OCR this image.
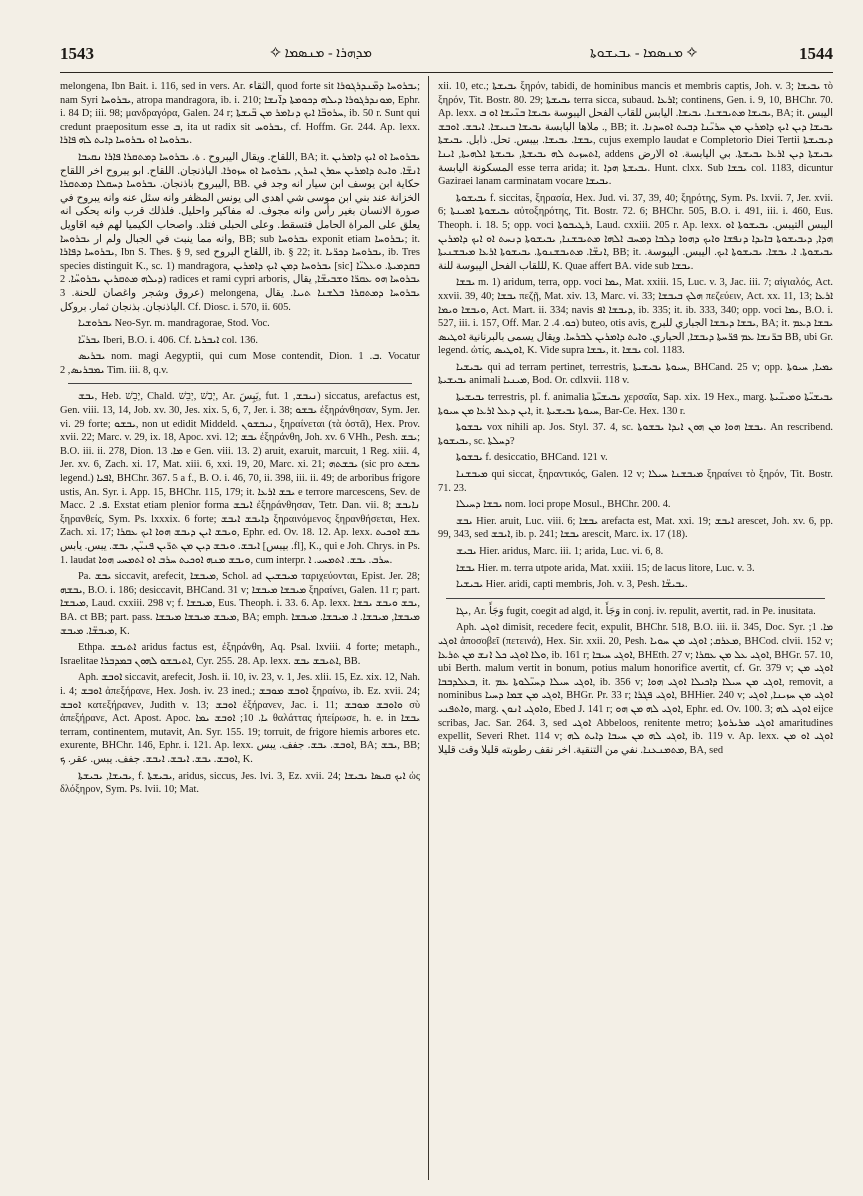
1543	ܡܕܗܪܐ - ܡܢܣܡܐ ✧	✧ ܡܢܣܡܐ - ܝܒܝܫܘܬܐ	1544

melongena, Ibn Bait. i. 116, sed in vers. Ar. الثقاء, quod forte sit ܝܒܪܘܚܐ ܕܡ̈ܢܕܪܓܘܪܐ; nam Syri ܝܒܪܘܚܐ, atropa mandragora, ib. i. 210; ܡܘܢܕܪܓܘܪܐ ܕܝܠܗ ܕܟܘܡܬܐ ܕܐ̈ܢܫܐ, Ephr. i. 84 D; iii. 98; μανδραγόρα, Galen. 24 r; ܚܪܘܒ̈ܐ ܐܝܟ ܕܢܐܡܪ ܡܢ ܒ̈ܝܫܬܐ, ib. 50 r. Sunt qui credunt praepositum esse ܒ, ita ut radix sit ܝܒܪܘܚ, cf. Hoffm. Gr. 244. Ap. lexx. ܝܒܪܘܚܐ ܐܘ ܝܒܪܘܚܐ ܕܐܝܬ ܠܗ ܦܐܪܐ.

اللقاح. ويقال اليبروح . ة. ܝܒܪܘܚܐ ܕܡܬܩܪܐ ܦܐܪܐ ܢܩܝܒܐ, BA; it. ܝܒܪܘܚܐ ܐܘ ܐܝܟ ܕܐܡܪܝܢ ܐܢܫ̈ܐ. ܘܐܝܬ ܕܐܡܪܝܢ ܚܘܪܢ ܐܚܪܢ, ܝܒܪܘܚܐ ܐܘ ܚܙܘܪܐ. الباذنجان. اللقاح. ابو يبروح اخر اللقاح اليبروح باذنجان. ܝܒܪܘܚܐ ܕܚܩܠܐ ܕܡܬܩܪܐ, BB. حكاية ابن يوسف ابن سيار انه وجد في الخزانة عند بني ابن موسى شي اهدى الى يونس المظفر وانه سئل عنه وانه يبروح في صورة الانسان بغير رأس وانه مجوف. له مفاكير واحليل. فلذلك قرب وانه يحكى انه يعلق على المراة الحامل فتسقط. وعلى الحبلى فتلد. واصحاب الكيميا لهم فيه اقاويل وانه مما ينبت في الجبال ولم ار ܝܒܪܘܚܐ, BB; sub ܝܒܪܘܚܐ exponit etiam ܝܒܪܘܚܐ; it. ܝܒܪܘܚܐ ܕܦܐܪܐ, Ibn S. Thes. § 9, sed اللقاح البروح, ib. § 22; it. ܝܒܪܘܚܐ ܕܟܪ̈ܝܐ, ib. Tres species distinguit K., sc. 1) mandragora, ܝܒܪܘܚܐ ܕܡܢ ܐܝܟ ܕܐܡܪܝܢ [sic] ܒܩܕܡܝܬܐ. ܘܥܠܝ̈ܐ ܕܝܠܗ ܡܬܩܪܝܢ ܝܒܪܘܚ̈ܐ. 2) radices et rami cypri arboris, ܝܒܪܘܚܐ ܗܘ ܥܩܪ̈ܐ ܘܫܒܝܫ̈ܐ, يقال عروق وشجر واغصان للحنة. 3) melongena, ܝܒܪܘܚܐ ܕܡܬܩܪܐ ܒܠܫܢܐ ܬܝܝܐ. يقال الباذنجان. بذنجان ثمار. بروكل. Cf. Diosc. i. 570, ii. 605.

ܝܒܪܘܫܝܐ Neo-Syr. m. mandragorae, Stod. Voc.

ܝܒܪܝ̈ܐ Iberi, B.O. i. 406. Cf. ܐܝܒܪܝܐ col. 136.

ܝܒܪܝܣ nom. magi Aegyptii, qui cum Mose contendit, Dion. ܒ. 1. Vocatur ܝܡܒܪܝܣ, 2 Tim. iii. 8, q.v.

ܝܒܫ, Heb. יָבֵשׁ, Chald. יְבַשׁ ,יְבֵשׁ, Ar. يَبِسَ, fut. ܢܝܒܫ, 1) siccatus, arefactus est, Gen. viii. 13, 14, Job. xv. 30, Jes. xix. 5, 6, 7, Jer. i. 38; ܝܒܫܘ ἐξηράνθησαν, Sym. Jer. vi. 29 forte; ܝܒܫܘ, non ut edidit Middeld. ܢܝܒܫܘܢ, ξηραίνεται (τὰ ὀστᾶ), Hex. Prov. xvii. 22; Marc. v. 29, ix. 18, Apoc. xvi. 12; ܝܒܫ ἐξηράνθη, Joh. xv. 6 VHh., Pesh. ܝܒܫ; B.O. iii. ii. 278, Dion. ܡܐ. 13 e Gen. viii. 13. 2) aruit, exaruit, marcuit, 1 Reg. xiii. 4, Jer. xv. 6, Zach. xi. 17, Mat. xiii. 6, xxi. 19, 20, Marc. xi. 21; ܝܒܫܬܗ (sic pro ܝܒܫܬ legend.) ܐܦܝܐ, BHChr. 367. 5 a f., B. O. i. 46, 70, ii. 398, iii. ii. 49; de arboribus frigore ustis, An. Syr. i. App. 15, BHChr. 115, 179; it. ܝܒܫ ܐܪܥܐ e terrore marcescens, Sev. de Macc. ܦ. 2. Exstat etiam plenior forma ܐܝܒܫ ἐξηράνθησαν, Tetr. Dan. vii. 8; ܢܐܝܒܫ ξηρανθείς, Sym. Ps. lxxxix. 6 forte; ܕܐܝܒܫ ܐܝܒܫ ξηραινόμενος ξηρανθήσεται, Hex. Zach. xi. 17; ܘܝܒܫ ܐܝܢ ܕܝܒܫ ܗܘܐ ܐܝܟ ܥܩܪܐ, Ephr. ed. Ov. 18. 12. Ap. lexx. ܝܒܫ ܐܘܟܝܬ ܐܝܒܫ. ܘܝܒܫ ܕܝܢ ܡܢ ܬܪ̈ܝܢ ܦܢܝ̈ܢ, ܝܒܫ. يبس. يابس [بيبس .fl], K., qui e Joh. Chrys. in Ps. 1. laudat ܘܝܒܫ ܡܢܗ ܐܘܟܝܬ ܚܪܒ ܐܘ ܐܬܡܚܝ ܗܘܐ, cum interpr. ܚܪܒ. ܝܒܫ. ܐܬܡܚܝ. ܐ.

Pa. ܝܒܫ siccavit, arefecit, ܡܝܒܫܐ, Schol. ad ܡܝܒܫܝܢ ταριχεύονται, Epist. Jer. 28; ܝܒܫܗ, B.O. i. 186; desiccavit, BHCand. 31 v; ܡܝܒܫܐ ܡܝܒܫܐ ξηραίνει, Galen. 11 r; part. ܡܝܒܫܐ, Laud. cxxiii. 298 v; f. ܡܝܒܫܐ, Eus. Theoph. i. 33. 6. Ap. lexx. ܝܒܫ ܘܝܒܫ ܝܒܫܐ, BA. ct BB; part. pass. ܡܝܒܫ ܡܝܒܫܐ ܡܝܒܫܐ, BA; emph. ܡܝܒܫܐ, ܡܝܒܫܐ. ܐ. ܡܝܒܫܐ. ܡܝܒܫܐ ܡܝܒܫ̈ܐ. ܡܝܒܫ, K.

Ethpa. ܐܬܝܒܫ aridus factus est, ἐξηράνθη, Aq. Psal. lxviii. 4 forte; metaph., Israelitae ܐܬܝܒܫܘ ܠܗܘܢ ܒܡܕܒܪܐ, Cyr. 255. 28. Ap. lexx. ܐܬܝܒܫ ܝܒܫ, BB.

Aph. ܐܘܒܫ siccavit, arefecit, Josh. ii. 10, iv. 23, v. 1, Jes. xlii. 15, Ez. xix. 12, Nah. i. 4; ܐܘܒܫ ἀπεξήρανε, Hex. Josh. iv. 23 ined.; ܐܘܒܫ ܡܘܒܫ ξηραίνω, ib. Ez. xvii. 24; ܐܘܒܫ κατεξήρανεν, Judith v. 13; ܐܘܒܫ ἐξήρανεν, Jac. i. 11; ܘܐܘܒܫ ܡܘܒܫ σὺ ἀπεξήρανε, Act. Apost. Apoc. ܝܐ. 10; ܐܘܒܫ ܝܡܐ θαλάττας ἠπείρωσε, h. e. in ܝܒܫܐ terram, continentem, mutavit, An. Syr. 155. 19; torruit, de frigore hiemis arbores etc. exurente, BHChr. 146, Ephr. i. 121. Ap. lexx. ܐܘܒܫ. ܝܒܫ. جفف. يبس, BA; ܝܒܫ, BB; ܐܘܒܫ. ܝܒܫ. ܐܝܒܫ. ܐܝܒܫ. جفف. يبس. عقر. ܟ, K.

ܝܒܝܫܐ, ܝܒܝܫܬܐ, f. ܝܒܝܫܬܐ, aridus, siccus, Jes. lvi. 3, Ez. xvii. 24; ܐܝܟ ܩܝܣܐ ܝܒܝܫܐ ὡς δλόξηρον, Sym. Ps. lvii. 10; Mat.

xii. 10, etc.; ܝܒܝܫܬܐ ξηρόν, tabidi, de hominibus mancis et membris captis, Joh. v. 3; ܝܒܝܫܐ τὸ ξηρόν, Tit. Bostr. 80. 29; ܝܒܝܫܬܐ terra sicca, subaud. ܐܪܥܐ; continens, Gen. i. 9, 10, BHChr. 70. Ap. lexx. ܝܒܝܫܐ ܡܬܝܒܫܢܐ. ܝܒܝܫܐ. اليابس للقاب الفحل اليبوسة ܝܒܝܫܐ ܒܢ̈ܝܫܐ ܐܘ ܒ, BA; it. اليبس . ملاها البابسة ܝܒܝܫܐ ܒܢܝܫܐ. ܐܝܒܫ. ܐܘܒܫ, BB; it. ܝܒܝܫܐ ܕܝܢ ܐܝܟ ܕܐܡܪܝܢ ܡܢ ܚܪܝ̈ܢܐ ܕܒܝܬ ܐܘܚܕܢܐ. ܝܒܫܐ. ܝܒܝܫܐ. بيبس. تحل. ذابل. ܝܒܝܫܬܐ, cujus exemplo laudat e Completorio Diei Tertii ܕܝܒܝܫܬܐ ܐܬܚܙܝܬ ܠܗ ܝܒܝܫܬܐ, ܝܒܝܫܬܐ ܐܠܗܝܬܐ, ܐܝܢܐ, addens ܝܒܝܫܬܐ ܕܝܢ ܐܪܥܐ ܝܒܝܫܬܐ. بي اليابسة. ܐܘ الارض المسكونة اليابسة esse terra arida; it. ܝܒܝܫܬܐ ܗܕܐ. Hunt. clxx. Sub ܝܒܫܐ col. 1183, dicuntur Gaziraei lanam carminatam vocare ܝܒܝܫܐ.

ܝܒܝܫܘܬܐ f. siccitas, ξηρασία, Hex. Jud. vi. 37, 39, 40; ξηρότης, Sym. Ps. lxvii. 7, Jer. xvii. 6; ܝܒܝܫܘܬܐ ܐܡܝܢܬܐ αὐτοξηρότης, Tit. Bostr. 72. 6; BHChr. 505, B.O. i. 491, iii. i. 460, Eus. Theoph. i. 18. 5; opp. voci ܪܛܝܒܘܬܐ, Laud. cxxiii. 205 r. Ap. lexx. اليبس التيبس. ܝܒܝܫܘܬܐ ܐܘ ܗܕܐ, ܕܝܒܝܫܘܬܐ ܒܐܝܕܐ ܕܢܦܫܐ ܘܐܝܟ ܕܗܘܐ ܕܠܒܐ ܕܡܚܒ ܐܠܗܐ ܡܬܝܒܫܢܐ, ܝܒܝܫܘܬܐ ܕܢܚܬ ܐܘ ܐܝܟ ܕܐܡܪܝܢ ܐܢܫ̈ܐ. ܡܬܝܒܫܢܘܬܐ. ܝܒܝܫܘܬܐ ܐܪܥܐ ܡܝܒܫܢܝܬܐ, BB; it. ܝܒܝܫܘܬܐ. ܐ. ܝܒܫܐ. ܝܒܝܫܘܬܐ ܐܝܟ. اليبس. اليبوسة. لللقاب الفحل اليبوسة للنة, K. Quae affert BA. vide sub ܝܒܫܐ.

ܝܒܫܐ m. 1) aridum, terra, opp. voci ܝܡܐ, Mat. xxiii. 15, Luc. v. 3, Jac. iii. 7; αἰγιαλός, Act. xxvii. 39, 40; ܝܒܫܐ πεζῇ, Mat. xiv. 13, Marc. vi. 33; ܗܠܟ ܒܝܒܫܐ πεζεύειν, Act. xx. 11, 13; ܐܪܥܐ ܘܝܒܫܐ ܘܝܡܐ, Act. Mart. ii. 334; navis ܕܝܒܫܐ ܐܦ, ib. 335; it. ib. 333, 340; opp. voci ܝܡܐ, B.O. i. 527, iii. i. 157, Off. Mar. ܟܘ. 4. 2) buteo, otis avis, ܝܒܫܐ ܕܝܒܫܐ الجباري للبرج, BA; it. ܝܒܫܐ ܕܥܡ ܒܪ̈ܢܫܐ ܥܡ ܦܪ̈ܚܬܐ ܕܝܒܫܐ, الحباري. ܘܐܝܬ ܕܐܡܪܝܢ ܠܒܪܚܐ. ويقال يسمى بالبرنانية ܐܘܛܝܣ BB, ubi Gr. legend. ὠτίς, ܐܘܛܝܣ, K. Vide supra ܝܒܫܐ, it. ܝܒܫܐ col. 1183.

ܝܒܝܫܝܐ qui ad terram pertinet, terrestris, ܚܝܘܬܐ ܝܒܝܫܝܬܐ, BHCand. 25 v; opp. ܝܡܝܐ, ܚܝܘܬܐ ܝܒܝܫܝܬܐ animali ܡܝܢܝܐ, Bod. Or. cdlxvii. 118 v.

ܝܒܝܫܝܬܐ terrestris, pl. f. animalia ܝܒܝܫܝ̈ܬܐ χερσαῖα, Sap. xix. 19 Hex., marg. ܝܒܝܫܝ̈ܬܐ ܘܡܝܢ̈ܝܬܐ ܐܝܢ ܕܥܠ ܐܪܥܐ ܡܢ ܚܝܘܬܐ, it. ܚܝܘܬܐ ܝܒܝܫܝܬܐ, Bar-Ce. Hex. 130 r.

ܝܒܫܘܬܐ vox nihili ap. Jos. Styl. 37. 4, sc. ܝܒܫܐ ܗܘܐ ܡܢ ܗܘܢ ܐܝܕܐ ܝܒܫܘܬܐ. An rescribend. ܝܒܝܫܘܬܐ, sc. ܕܚܠܬܐ?

ܝܒܫܘܬܐ f. desiccatio, BHCand. 121 v.

ܡܝܒܫܢܐ qui siccat, ξηραντικός, Galen. 12 v; ܡܝܒܫܢܐ ܚܝܠܐ ξηραίνει τὸ ξηρόν, Tit. Bostr. 71. 23.

ܝܒܫܐ ܕܚܝܠܐ nom. loci prope Mosul., BHChr. 200. 4.

ܝܒܫ Hier. aruit, Luc. viii. 6; ܝܒܫܐ arefacta est, Mat. xxi. 19; ܐܝܒܫ arescet, Joh. xv. 6, pp. 99, 343, sed ܐܝܒܫ, ib. p. 241; ܝܒܫܐ arescit, Marc. ix. 17 (18).

ܝܒܝܫ Hier. aridus, Marc. iii. 1; arida, Luc. vi. 6, 8.

ܝܒܫܐ Hier. m. terra utpote arida, Mat. xxiii. 15; de lacus litore, Luc. v. 3.

ܝܒܝܫܝܐ Hier. aridi, capti membris, Joh. v. 3, Pesh. ܝܒܝܫ̈ܐ.

ܝܓܐ, Ar. وَجَأَ fugit, coegit ad algd, it. وَجَأَ in conj. iv. repulit, avertit, rad. in Pe. inusitata.

Aph. ܐܘܓܝ dimisit, recedere fecit, expulit, BHChr. 518, B.O. iii. ii. 345, Doc. Syr. ܡܐ. 1; ܐܘܓܝ ἀποσοβεῖ (πετεινά), Hex. Sir. xxii. 20, Pesh. ܡܥܪܩ; ܐܘܓܝ ܡܢ ܚܘܝܐ, BHCod. clvii. 152 v; ܘܠܐ ܐܘܓܝ ܟܠ ܐܢܫ ܡܢ ܬܪܥܐ, ib. 161 r; ܐܘܓܝ ܚܝܒܐ, BHEth. 27 v; ܐܘܓܝ ܥܠ ܡܢ ܥܩܪܐ, BHGr. 57. 10, ubi Berth. malum vertit in bonum, potius malum honorifice avertit, cf. Gr. 379 v; ܐܘܓܝ ܡܢ ܒܥܠܕܒܒܐ, it. ܐܘܓܝ ܚܝܠܐ ܕܚܝ̈ܠܘܬܐ ܥܡ, ib. 356 v; ܐܘܓܝ ܡܢ ܚܝܠܐ ܕܐܟܝܠܐ ܐܘܓܝ ܗܘܐ, removit, a nominibus ܐܘܓܝ ܡܢ ܫܡܐ ܕܚܝܐ, BHGr. Pr. 33 r; ܐܘܓܝ ܦܓܪܐ, BHHier. 240 v; ܐܘܓܝ ܡܢ ܚܙܝܢܐ, ܐܘܓܝ ܘܐܬܦܢܝ, marg. ܘܐܘܓܝ ܐܢܘܢ, Ebed J. 141 r; ܐܘܓܝ ܠܗ ܡܢ ܗܘ, Ephr. ed. Ov. 100. 3; ܐܘܓܝ ܠܗ eijce scribas, Jac. Sar. 264. 3, sed ܐܘܓܝ Abbeloos, renitente metro; ܐܘܓܝ ܡܪܝܪܘܬܐ amaritudines expellit, Severi Rhet. 114 v; ܐܘܓܝ ܠܗ ܡܢ ܚܝܒܐ ܕܐܝܬ ܠܗ, ib. 119 v. Ap. lexx. ܐܘܓܝ ܐܘ ܡܢ ܡܬܡܢܥܢܐ. نفي من التنقية. اخر نقف رطوبته قليلا وقت قليلا, BA, sed
